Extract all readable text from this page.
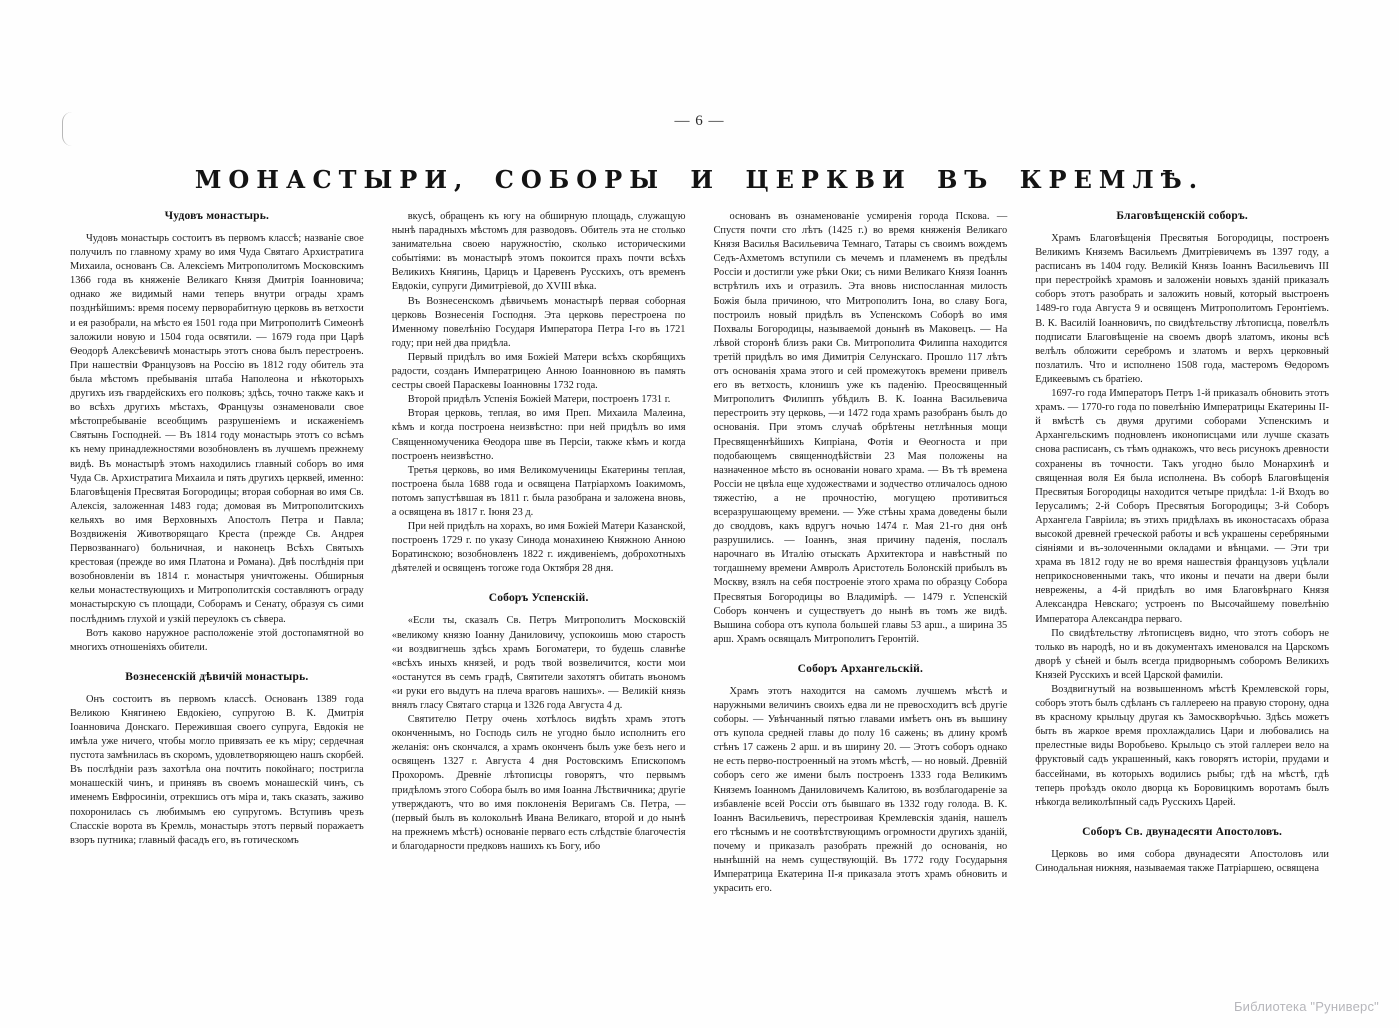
— 6 —
МОНАСТЫРИ, СОБОРЫ И ЦЕРКВИ ВЪ КРЕМЛѢ.
Чудовъ монастырь.

Чудовъ монастырь состоитъ въ первомъ классѣ; названіе свое получилъ по главному храму во имя Чуда Святаго Архистратига Михаила, основанъ Св. Алексіемъ Митрополитомъ Московскимъ 1366 года въ княженіе Великаго Князя Дмитрія Іоанновича; однако же видимый нами теперь внутри ограды храмъ позднѣйшимъ: время посему перворабитную церковь въ ветхости и ея разобрали, на мѣсто ея 1501 года при Митрополитѣ Симеонѣ заложили новую и 1504 года освятили. — 1679 года при Царѣ Ѳеодорѣ Алексѣевичѣ монастырь этотъ снова былъ перестроенъ. При нашествіи Французовъ на Россію въ 1812 году обитель эта была мѣстомъ пребыванія штаба Наполеона и нѣкоторыхъ другихъ изъ гвардейскихъ его полковъ; здѣсь, точно также какъ и во всѣхъ другихъ мѣстахъ, Французы ознаменовали свое мѣстопребываніе всеобщимъ разрушеніемъ и искаженіемъ Святынь Господней. — Въ 1814 году монастырь этотъ со всѣмъ къ нему принадлежностями возобновленъ въ лучшемъ прежнему видѣ. Въ монастырѣ этомъ находились главный соборъ во имя Чуда Св. Архистратига Михаила и пять другихъ церквей, именно: Благовѣщенія Пресвятая Богородицы; вторая соборная во имя Св. Алексія, заложенная 1483 года; домовая въ Митрополитскихъ кельяхъ во имя Верховныхъ Апостолъ Петра и Павла; Воздвиженія Животворящаго Креста (прежде Св. Андрея Первозваннаго) больничная, и наконецъ Всѣхъ Святыхъ крестовая (прежде во имя Платона и Романа). Двѣ послѣднія при возобновленіи въ 1814 г. монастыря уничтожены. Обширныя кельи монастествующихъ и Митрополитскія составляютъ ограду монастырскую съ площади, Соборамъ и Сенату, образуя съ сими послѣднимъ глухой и узкій переулокъ съ сѣвера.

Вотъ каково наружное расположеніе этой достопамятной во многихъ отношеніяхъ обители.

Вознесенскій дѣвичій монастырь.

Онъ состоитъ въ первомъ классѣ. Основанъ 1389 года Великою Княгинею Евдокіею, супругою В. К. Дмитрія Іоанновича Донскаго. Пережившая своего супруга, Евдокія не имѣла уже ничего, чтобы могло привязать ее къ міру; сердечная пустота замѣнилась въ скоромъ, удовлетворяющею нашъ скорбей. Въ послѣдніи разъ захотѣла она почтить покойнаго; постригла монашескій чинъ, и принявъ въ своемъ монашескій чинъ, съ именемъ Евфросиніи, отрекшись отъ міра и, такъ сказать, заживо похоронилась съ любимымъ ею супругомъ. Вступивъ чрезъ Спасскіе ворота въ Кремль, монастырь этотъ первый поражаетъ взоръ путника; главный фасадъ его, въ готическомъ

вкусѣ, обращенъ къ югу на обширную площадь, служащую нынѣ парадныхъ мѣстомъ для разводовъ. Обитель эта не столько занимательна своею наружностію, сколько историческими событіями: въ монастырѣ этомъ покоится прахъ почти всѣхъ Великихъ Княгинь, Царицъ и Царевенъ Русскихъ, отъ временъ Евдокіи, супруги Димитріевой, до XVIII вѣка.

Въ Вознесенскомъ дѣвичьемъ монастырѣ первая соборная церковь Вознесенія Господня. Эта церковь перестроена по Именному повелѣнію Государя Императора Петра I-го въ 1721 году; при ней два придѣла.

Первый придѣлъ во имя Божіей Матери всѣхъ скорбящихъ радости, созданъ Императрицею Анною Іоанновною въ память сестры своей Параскевы Іоанновны 1732 года.

Второй придѣлъ Успенія Божіей Матери, построенъ 1731 г.

Вторая церковь, теплая, во имя Преп. Михаила Малеина, кѣмъ и когда построена неизвѣстно: при ней придѣлъ во имя Священномученика Ѳеодора шве въ Персіи, также кѣмъ и когда построенъ неизвѣстно.

Третья церковь, во имя Великомученицы Екатерины теплая, построена была 1688 года и освящена Патріархомъ Іоакимомъ, потомъ запустѣвшая въ 1811 г. была разобрана и заложена вновь, а освящена въ 1817 г. Іюня 23 д.

При ней придѣлъ на хорахъ, во имя Божіей Матери Казанской, построенъ 1729 г. по указу Синода монахинею Княжною Анною Боратинскою; возобновленъ 1822 г. иждивеніемъ, доброхотныхъ дѣятелей и освященъ тогоже года Октября 28 дня.

Соборъ Успенскій.

«Если ты, сказалъ Св. Петръ Митрополитъ Московскій «великому князю Іоанну Даниловичу, успокоишь мою старость «и воздвигнешь здѣсь храмъ Богоматери, то будешь славнѣе «всѣхъ иныхъ князей, и родъ твой возвеличится, кости мои «останутся въ семъ градѣ, Святители захотятъ обитать въономъ «и руки его выдутъ на плеча враговъ нашихъ». — Великій князь внялъ гласу Святаго старца и 1326 года Августа 4 д.

Святителю Петру очень хотѣлось видѣть храмъ этотъ оконченнымъ, но Господь силъ не угодно было исполнить его желанія: онъ скончался, а храмъ оконченъ былъ уже безъ него и освященъ 1327 г. Августа 4 дня Ростовскимъ Епископомъ Прохоромъ. Древніе лѣтописцы говорятъ, что первымъ придѣломъ этого Собора былъ во имя Іоанна Лѣствичника; другіе утверждаютъ, что во имя поклоненія Веригамъ Св. Петра, — (первый былъ въ колокольнѣ Ивана Великаго, второй и до нынѣ на прежнемъ мѣстѣ) основаніе перваго есть слѣдствіе благочестія и благодарности предковъ нашихъ къ Богу, ибо

основанъ въ ознаменованіе усмиренія города Пскова. — Спустя почти сто лѣтъ (1425 г.) во время княженія Великаго Князя Василья Васильевича Темнаго, Татары съ своимъ вождемъ Седъ-Ахметомъ вступили съ мечемъ и пламенемъ въ предѣлы Россіи и достигли уже рѣки Оки; съ ними Великаго Князя Іоаннъ встрѣтилъ ихъ и отразилъ. Эта вновь ниспосланная милость Божія была причиною, что Митрополитъ Іона, во славу Бога, построилъ новый придѣлъ въ Успенскомъ Соборѣ во имя Похвалы Богородицы, называемой донынѣ въ Маковецъ. — На лѣвой сторонѣ близъ раки Св. Митрополита Филиппа находится третій придѣлъ во имя Димитрія Селунскаго. Прошло 117 лѣтъ отъ основанія храма этого и сей промежутокъ времени привелъ его въ ветхость, клонишъ уже къ паденію. Преосвященный Митрополитъ Филиппъ убѣдилъ В. К. Іоанна Васильевича перестроить эту церковь, —и 1472 года храмъ разобранъ былъ до основанія. При этомъ случаѣ обрѣтены нетлѣнныя мощи Пресвященнѣйшихъ Кипріана, Фотія и Ѳеогноста и при подобающемъ священнодѣйствіи 23 Мая положены на назначенное мѣсто въ основаніи новаго храма. — Въ тѣ времена Россіи не цвѣла еще художествами и зодчество отличалось одною тяжестію, а не прочностію, могущею противиться всеразрушающему времени. — Уже стѣны храма доведены были до своддовъ, какъ вдругъ ночью 1474 г. Мая 21-го дня онѣ разрушились. — Іоаннъ, зная причину паденія, послалъ нарочнаго въ Италію отыскать Архитектора и навѣстный по тогдашнему времени Амвролъ Аристотель Болонскій прибылъ въ Москву, взялъ на себя построеніе этого храма по образцу Собора Пресвятыя Богородицы во Владимірѣ. — 1479 г. Успенскій Соборъ конченъ и существуетъ до нынѣ въ томъ же видѣ. Вышина собора отъ купола большей главы 53 арш., а ширина 35 арш. Храмъ освящалъ Митрополитъ Геронтій.

Соборъ Архангельскій.

Храмъ этотъ находится на самомъ лучшемъ мѣстѣ и наружными величинъ своихъ едва ли не превосходитъ всѣ другіе соборы. — Увѣнчанный пятью главами имѣетъ онъ въ вышину отъ купола средней главы до полу 16 сажень; въ длину кромѣ стѣнъ 17 сажень 2 арш. и въ ширину 20. — Этотъ соборъ однако не есть перво-построенный на этомъ мѣстѣ, — но новый. Древній соборъ сего же имени былъ построенъ 1333 года Великимъ Княземъ Іоанномъ Даниловичемъ Калитою, въ возблагодареніе за избавленіе всей Россіи отъ бывшаго въ 1332 году голода. В. К. Іоаннъ Васильевичъ, перестроивая Кремлевскія зданія, нашелъ его тѣснымъ и не соотвѣтствующимъ огромности другихъ зданій, почему и приказалъ разобрать прежній до основанія, но нынѣшній на немъ существующій. Въ 1772 году Государыня Императрица Екатерина II-я приказала этотъ храмъ обновить и украсить его.

Благовѣщенскій соборъ.

Храмъ Благовѣщенія Пресвятыя Богородицы, построенъ Великимъ Княземъ Васильемъ Дмитріевичемъ въ 1397 году, а расписанъ въ 1404 году. Великій Князь Іоаннъ Васильевичъ III при перестройкѣ храмовъ и заложеніи новыхъ зданій приказалъ соборъ этотъ разобрать и заложить новый, который выстроенъ 1489-го года Августа 9 и освященъ Митрополитомъ Геронтіемъ. В. К. Василій Іоанновичъ, по свидѣтельству лѣтописца, повелѣлъ подписати Благовѣщеніе на своемъ дворѣ златомъ, иконы всѣ велѣлъ обложити серебромъ и златомъ и верхъ церковный позлатилъ. Что и исполнено 1508 года, мастеромъ Ѳедоромъ Едикеевымъ съ братіею.

1697-го года Императоръ Петръ 1-й приказалъ обновить этотъ храмъ. — 1770-го года по повелѣнію Императрицы Екатерины II-й вмѣстѣ съ двумя другими соборами Успенскимъ и Архангельскимъ подновленъ иконописцами или лучше сказать снова расписанъ, съ тѣмъ однакожъ, что весь рисунокъ древности сохранены въ точности. Такъ угодно было Монархинѣ и священная воля Ея была исполнена. Въ соборѣ Благовѣщенія Пресвятыя Богородицы находится четыре придѣла: 1-й Входъ во Іерусалимъ; 2-й Соборъ Пресвятыя Богородицы; 3-й Соборъ Архангела Гавріила; въ этихъ придѣлахъ въ иконостасахъ образа высокой древней греческой работы и всѣ украшены серебряными сіяніями и въ-золоченными окладами и вѣнцами. — Эти три храма въ 1812 году не во время нашествія французовъ уцѣлали неприкосновенными такъ, что иконы и печати на двери были неврежены, а 4-й придѣлъ во имя Благовѣрнаго Князя Александра Невскаго; устроенъ по Высочайшему повелѣнію Императора Александра перваго.

По свидѣтельству лѣтописцевъ видно, что этотъ соборъ не только въ народѣ, но и въ документахъ именовался на Царскомъ дворѣ у сѣней и былъ всегда придворнымъ соборомъ Великихъ Князей Русскихъ и всей Царской фамиліи.

Воздвигнутый на возвышенномъ мѣстѣ Кремлевской горы, соборъ этотъ былъ сдѣланъ съ галлереею на правую сторону, одна въ красному крыльцу другая къ Замоскворѣчью. Здѣсь можетъ быть въ жаркое время прохлаждались Цари и любовались на прелестные виды Воробьево. Крыльцо съ этой галлереи вело на фруктовый садъ украшенный, какъ говорятъ исторіи, прудами и бассейнами, въ которыхъ водились рыбы; гдѣ на мѣстѣ, гдѣ теперь проѣздъ около дворца къ Боровицкимъ воротамъ былъ нѣкогда великолѣпный садъ Русскихъ Царей.

Соборъ Св. двунадесяти Апостоловъ.

Церковь во имя собора двунадесяти Апостоловъ или Синодальная нижняя, называемая также Патріаршею, освящена

Библиотека "Руниверс"
